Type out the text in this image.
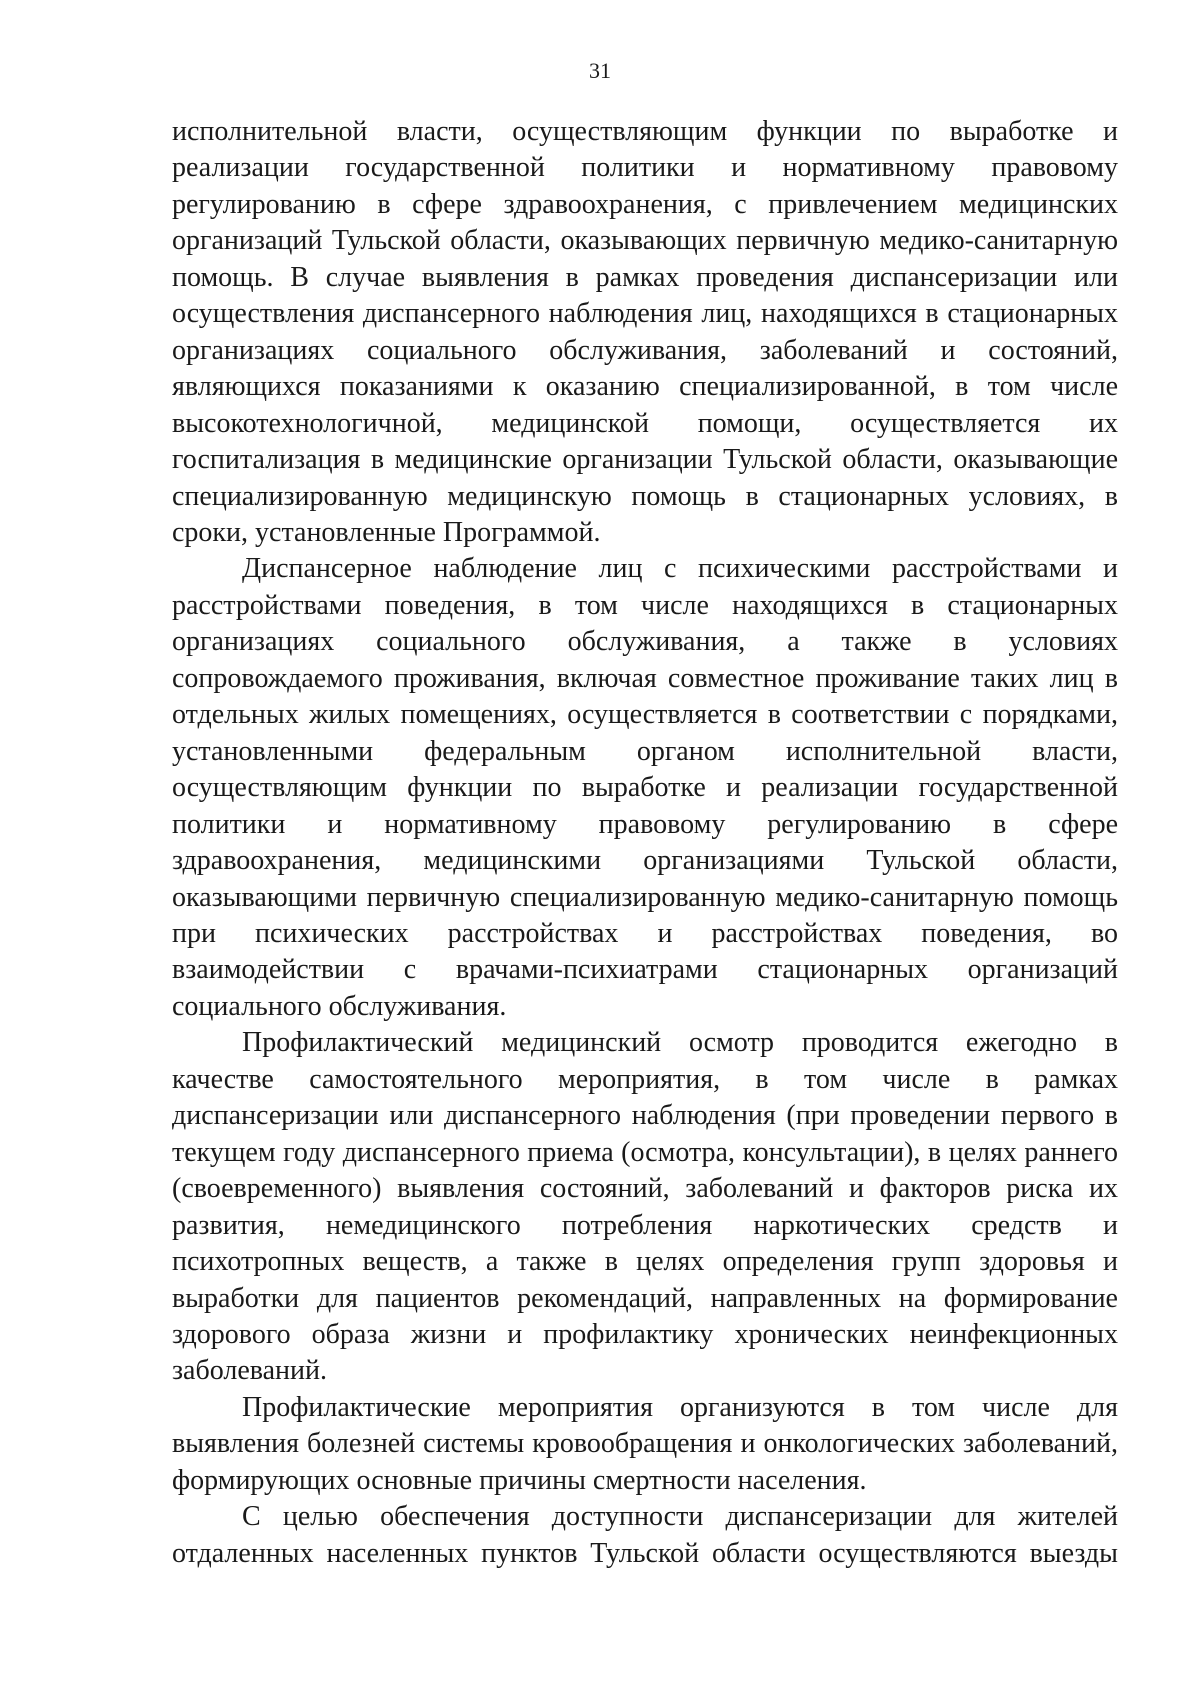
31

исполнительной власти, осуществляющим функции по выработке и реализации государственной политики и нормативному правовому регулированию в сфере здравоохранения, с привлечением медицинских организаций Тульской области, оказывающих первичную медико-санитарную помощь. В случае выявления в рамках проведения диспансеризации или осуществления диспансерного наблюдения лиц, находящихся в стационарных организациях социального обслуживания, заболеваний и состояний, являющихся показаниями к оказанию специализированной, в том числе высокотехнологичной, медицинской помощи, осуществляется их госпитализация в медицинские организации Тульской области, оказывающие специализированную медицинскую помощь в стационарных условиях, в сроки, установленные Программой.

Диспансерное наблюдение лиц с психическими расстройствами и расстройствами поведения, в том числе находящихся в стационарных организациях социального обслуживания, а также в условиях сопровождаемого проживания, включая совместное проживание таких лиц в отдельных жилых помещениях, осуществляется в соответствии с порядками, установленными федеральным органом исполнительной власти, осуществляющим функции по выработке и реализации государственной политики и нормативному правовому регулированию в сфере здравоохранения, медицинскими организациями Тульской области, оказывающими первичную специализированную медико-санитарную помощь при психических расстройствах и расстройствах поведения, во взаимодействии с врачами-психиатрами стационарных организаций социального обслуживания.

Профилактический медицинский осмотр проводится ежегодно в качестве самостоятельного мероприятия, в том числе в рамках диспансеризации или диспансерного наблюдения (при проведении первого в текущем году диспансерного приема (осмотра, консультации), в целях раннего (своевременного) выявления состояний, заболеваний и факторов риска их развития, немедицинского потребления наркотических средств и психотропных веществ, а также в целях определения групп здоровья и выработки для пациентов рекомендаций, направленных на формирование здорового образа жизни и профилактику хронических неинфекционных заболеваний.

Профилактические мероприятия организуются в том числе для выявления болезней системы кровообращения и онкологических заболеваний, формирующих основные причины смертности населения.

С целью обеспечения доступности диспансеризации для жителей отдаленных населенных пунктов Тульской области осуществляются выезды
